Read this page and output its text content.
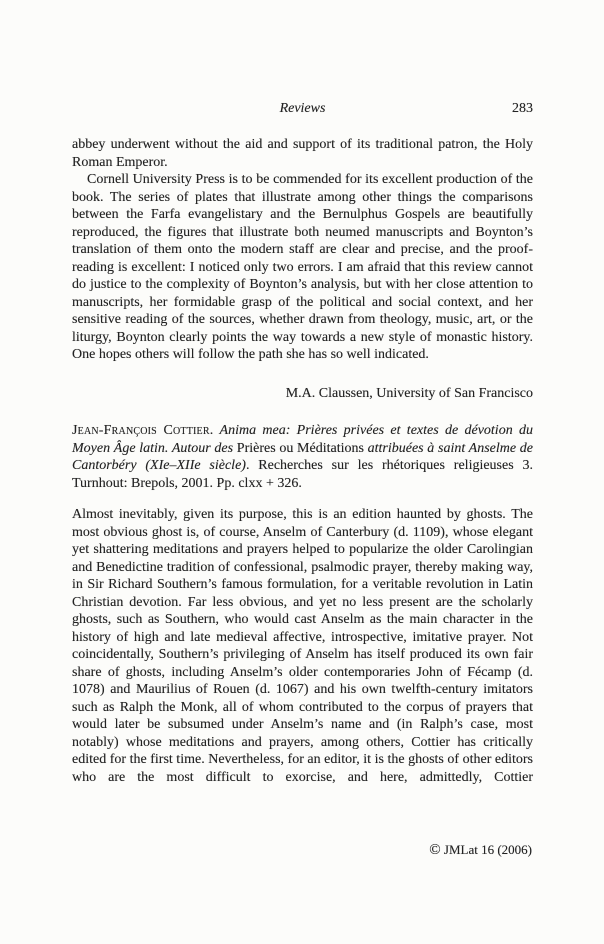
Reviews	283

abbey underwent without the aid and support of its traditional patron, the Holy Roman Emperor.

Cornell University Press is to be commended for its excellent production of the book. The series of plates that illustrate among other things the comparisons between the Farfa evangelistary and the Bernulphus Gospels are beautifully reproduced, the figures that illustrate both neumed manuscripts and Boynton’s translation of them onto the modern staff are clear and precise, and the proof-reading is excellent: I noticed only two errors. I am afraid that this review cannot do justice to the complexity of Boynton’s analysis, but with her close attention to manuscripts, her formidable grasp of the political and social context, and her sensitive reading of the sources, whether drawn from theology, music, art, or the liturgy, Boynton clearly points the way towards a new style of monastic history. One hopes others will follow the path she has so well indicated.

M.A. Claussen, University of San Francisco

Jean-François Cottier. Anima mea: Prières privées et textes de dévotion du Moyen Âge latin. Autour des Prières ou Méditations attribuées à saint Anselme de Cantorbéry (XIe–XIIe siècle). Recherches sur les rhétoriques religieuses 3. Turnhout: Brepols, 2001. Pp. clxx + 326.

Almost inevitably, given its purpose, this is an edition haunted by ghosts. The most obvious ghost is, of course, Anselm of Canterbury (d. 1109), whose elegant yet shattering meditations and prayers helped to popularize the older Carolingian and Benedictine tradition of confessional, psalmodic prayer, thereby making way, in Sir Richard Southern’s famous formulation, for a veritable revolution in Latin Christian devotion. Far less obvious, and yet no less present are the scholarly ghosts, such as Southern, who would cast Anselm as the main character in the history of high and late medieval affective, introspective, imitative prayer. Not coincidentally, Southern’s privileging of Anselm has itself produced its own fair share of ghosts, including Anselm’s older contemporaries John of Fécamp (d. 1078) and Maurilius of Rouen (d. 1067) and his own twelfth-century imitators such as Ralph the Monk, all of whom contributed to the corpus of prayers that would later be subsumed under Anselm’s name and (in Ralph’s case, most notably) whose meditations and prayers, among others, Cottier has critically edited for the first time. Nevertheless, for an editor, it is the ghosts of other editors who are the most difficult to exorcise, and here, admittedly, Cottier

© JMLat 16 (2006)
